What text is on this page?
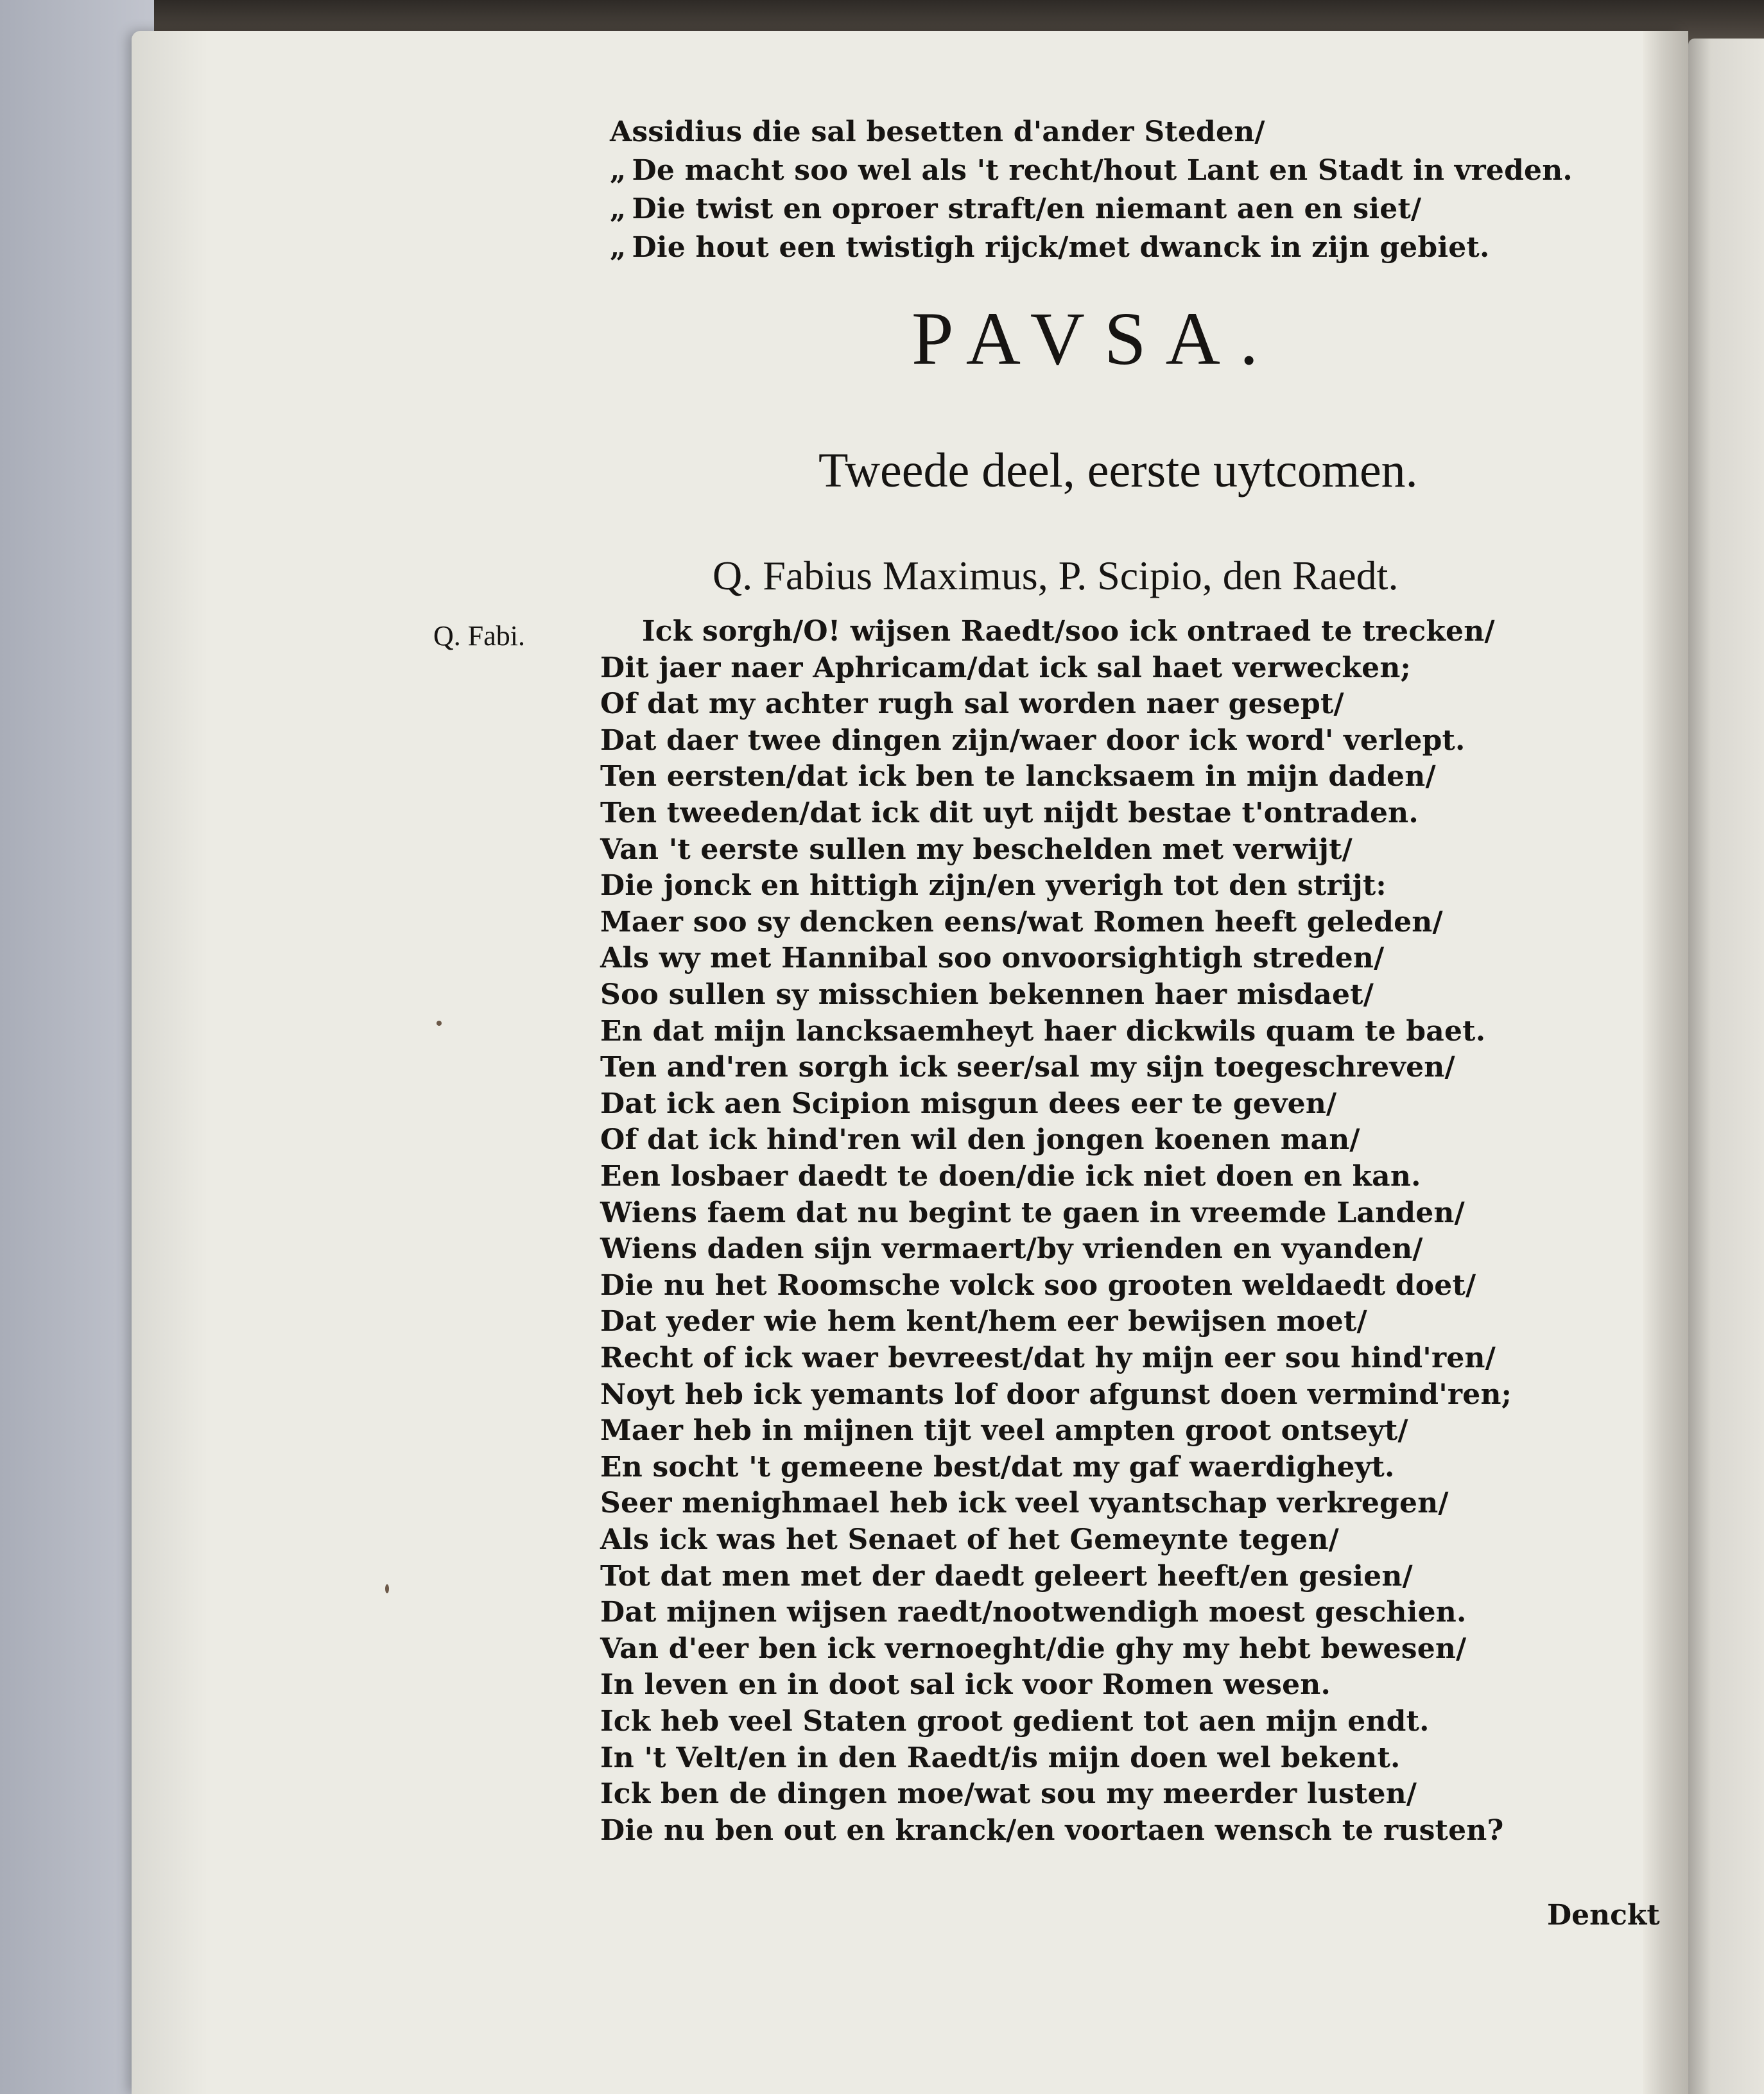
Assidius die sal besetten d'ander Steden/
„ De macht soo wel als 't recht/hout Lant en Stadt in vreden.
„ Die twist en oproer straft/en niemant aen en siet/
„ Die hout een twistigh rijck/met dwanck in zijn gebiet.
PAVSA.
Tweede deel, eerste uytcomen.
Q. Fabius Maximus, P. Scipio, den Raedt.
Q. Fabi.	Ick sorgh/O! wijsen Raedt/soo ick ontraed te trecken/
Dit jaer naer Aphricam/dat ick sal haet verwecken;
Of dat my achter rugh sal worden naer gesept/
Dat daer twee dingen zijn/waer door ick word' verlept.
Ten eersten/dat ick ben te lancksaem in mijn daden/
Ten tweeden/dat ick dit uyt nijdt bestae t'ontraden.
Van 't eerste sullen my beschelden met verwijt/
Die jonck en hittigh zijn/en yverigh tot den strijt:
Maer soo sy dencken eens/wat Romen heeft geleden/
Als wy met Hannibal soo onvoorsightigh streden/
Soo sullen sy misschien bekennen haer misdaet/
En dat mijn lancksaemheyt haer dickwils quam te baet.
Ten and'ren sorgh ick seer/sal my sijn toegeschreven/
Dat ick aen Scipion misgun dees eer te geven/
Of dat ick hind'ren wil den jongen koenen man/
Een losbaer daedt te doen/die ick niet doen en kan.
Wiens faem dat nu begint te gaen in vreemde Landen/
Wiens daden sijn vermaert/by vrienden en vyanden/
Die nu het Roomsche volck soo grooten weldaedt doet/
Dat yeder wie hem kent/hem eer bewijsen moet/
Recht of ick waer bevreest/dat hy mijn eer sou hind'ren/
Noyt heb ick yemants lof door afgunst doen vermind'ren;
Maer heb in mijnen tijt veel ampten groot ontseyt/
En socht 't gemeene best/dat my gaf waerdigheyt.
Seer menighmael heb ick veel vyantschap verkregen/
Als ick was het Senaet of het Gemeynte tegen/
Tot dat men met der daedt geleert heeft/en gesien/
Dat mijnen wijsen raedt/nootwendigh moest geschien.
Van d'eer ben ick vernoeght/die ghy my hebt bewesen/
In leven en in doot sal ick voor Romen wesen.
Ick heb veel Staten groot gedient tot aen mijn endt.
In 't Velt/en in den Raedt/is mijn doen wel bekent.
Ick ben de dingen moe/wat sou my meerder lusten/
Die nu ben out en kranck/en voortaen wensch te rusten?
Denckt
